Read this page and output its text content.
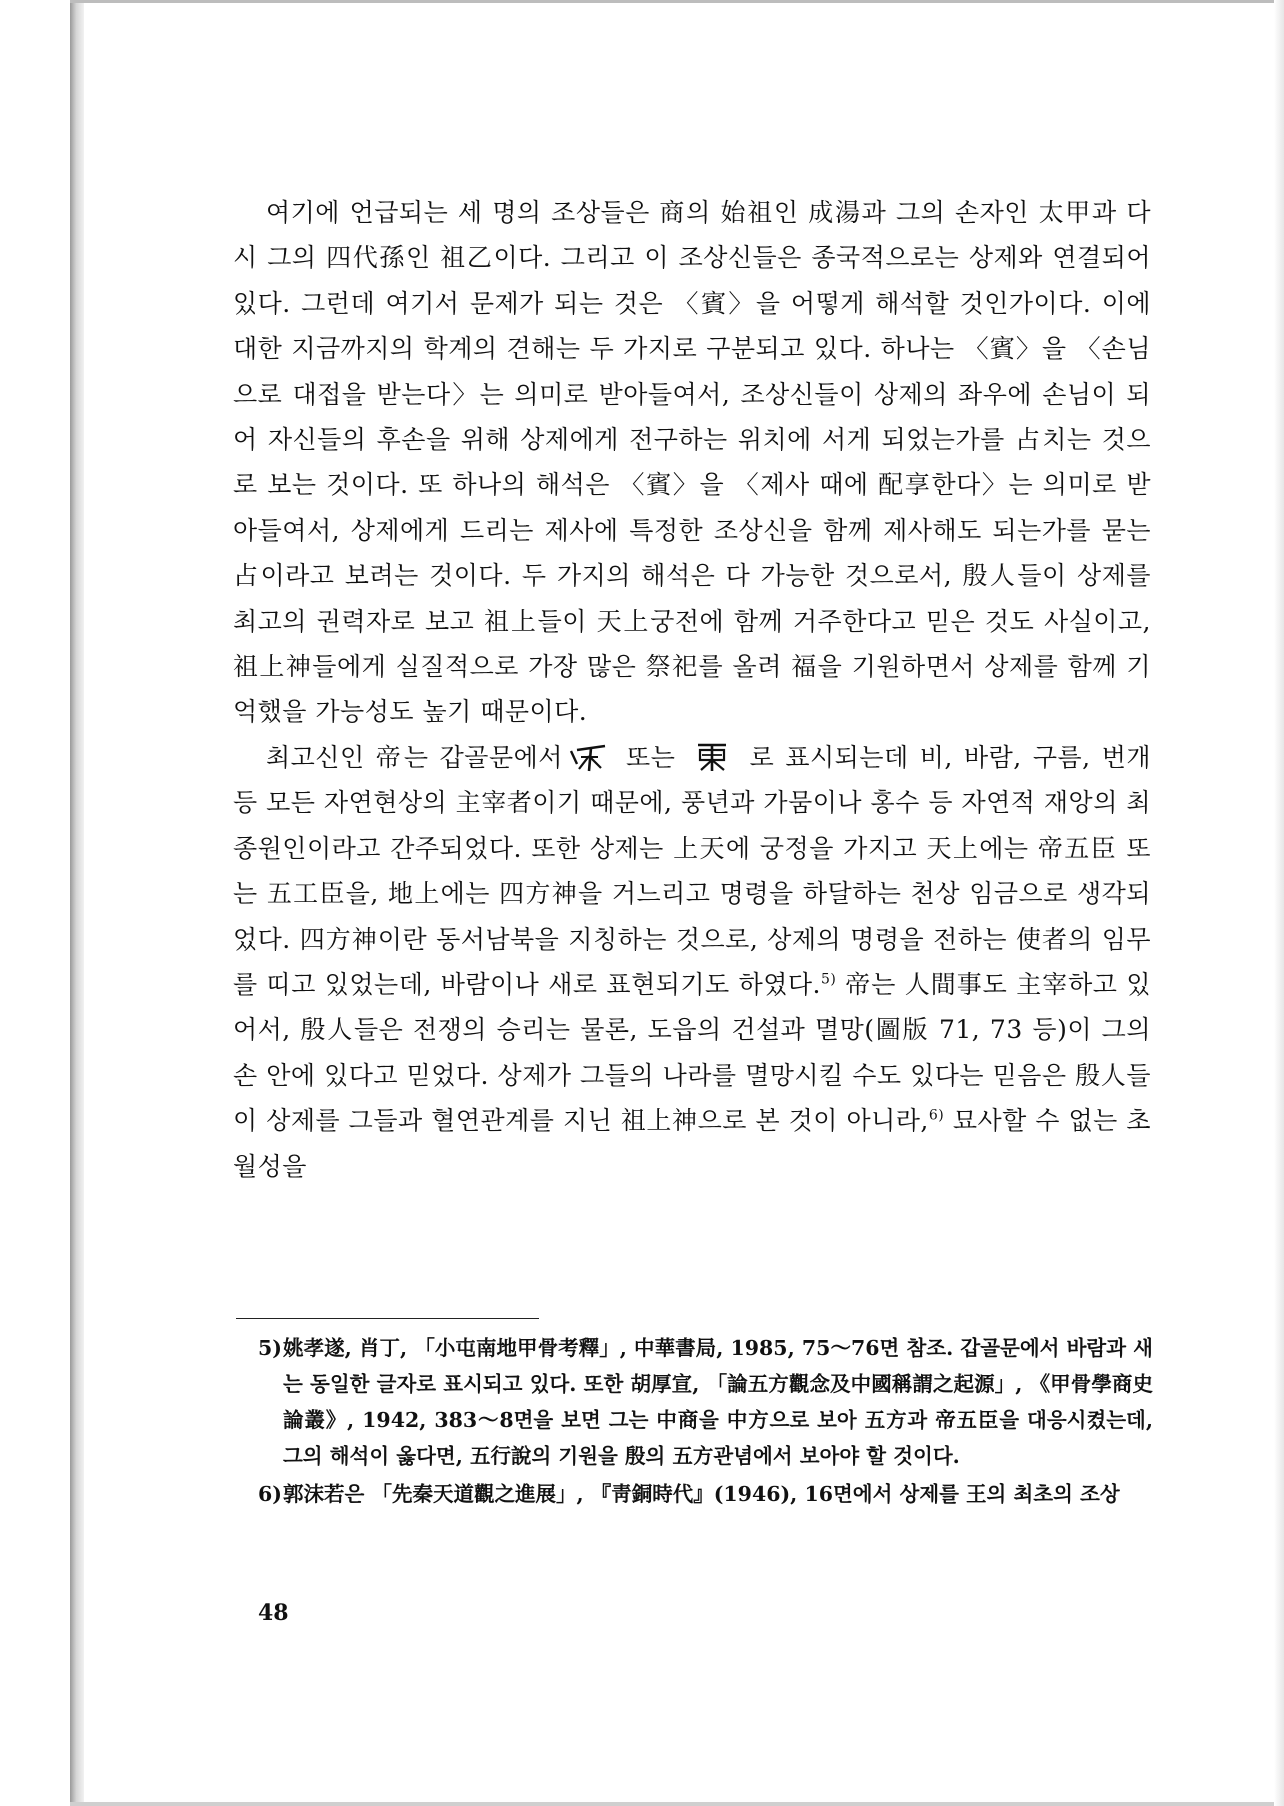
여기에 언급되는 세 명의 조상들은 商의 始祖인 成湯과 그의 손자인 太甲과 다시 그의 四代孫인 祖乙이다. 그리고 이 조상신들은 종국적으로는 상제와 연결되어 있다. 그런데 여기서 문제가 되는 것은 〈賓〉을 어떻게 해석할 것인가이다. 이에 대한 지금까지의 학계의 견해는 두 가지로 구분되고 있다. 하나는 〈賓〉을 〈손님으로 대접을 받는다〉는 의미로 받아들여서, 조상신들이 상제의 좌우에 손님이 되어 자신들의 후손을 위해 상제에게 전구하는 위치에 서게 되었는가를 占치는 것으로 보는 것이다. 또 하나의 해석은 〈賓〉을 〈제사 때에 配享한다〉는 의미로 받아들여서, 상제에게 드리는 제사에 특정한 조상신을 함께 제사해도 되는가를 묻는 占이라고 보려는 것이다. 두 가지의 해석은 다 가능한 것으로서, 殷人들이 상제를 최고의 권력자로 보고 祖上들이 天上궁전에 함께 거주한다고 믿은 것도 사실이고, 祖上神들에게 실질적으로 가장 많은 祭祀를 올려 福을 기원하면서 상제를 함께 기억했을 가능성도 높기 때문이다.

최고신인 帝는 갑골문에서	또는	로 표시되는데 비, 바람, 구름, 번개 등 모든 자연현상의 主宰者이기 때문에, 풍년과 가뭄이나 홍수 등 자연적 재앙의 최종원인이라고 간주되었다. 또한 상제는 上天에 궁정을 가지고 天上에는 帝五臣 또는 五工臣을, 地上에는 四方神을 거느리고 명령을 하달하는 천상 임금으로 생각되었다. 四方神이란 동서남북을 지칭하는 것으로, 상제의 명령을 전하는 使者의 임무를 띠고 있었는데, 바람이나 새로 표현되기도 하였다.$^{5)}$ 帝는 人間事도 主宰하고 있어서, 殷人들은 전쟁의 승리는 물론, 도읍의 건설과 멸망(圖版 71, 73 등)이 그의 손 안에 있다고 믿었다. 상제가 그들의 나라를 멸망시킬 수도 있다는 믿음은 殷人들이 상제를 그들과 혈연관계를 지닌 祖上神으로 본 것이 아니라,$^{6)}$ 묘사할 수 없는 초월성을

5)姚孝遂, 肖丁, 「小屯南地甲骨考釋」, 中華書局, 1985, 75～76면 참조. 갑골문에서 바람과 새는 동일한 글자로 표시되고 있다. 또한 胡厚宣, 「論五方觀念及中國稱謂之起源」, 《甲骨學商史論叢》, 1942, 383～8면을 보면 그는 中商을 中方으로 보아 五方과 帝五臣을 대응시켰는데, 그의 해석이 옳다면, 五行說의 기원을 殷의 五方관념에서 보아야 할 것이다.

6)郭沫若은 「先秦天道觀之進展」, 『靑銅時代』(1946), 16면에서 상제를 王의 최초의 조상

48
